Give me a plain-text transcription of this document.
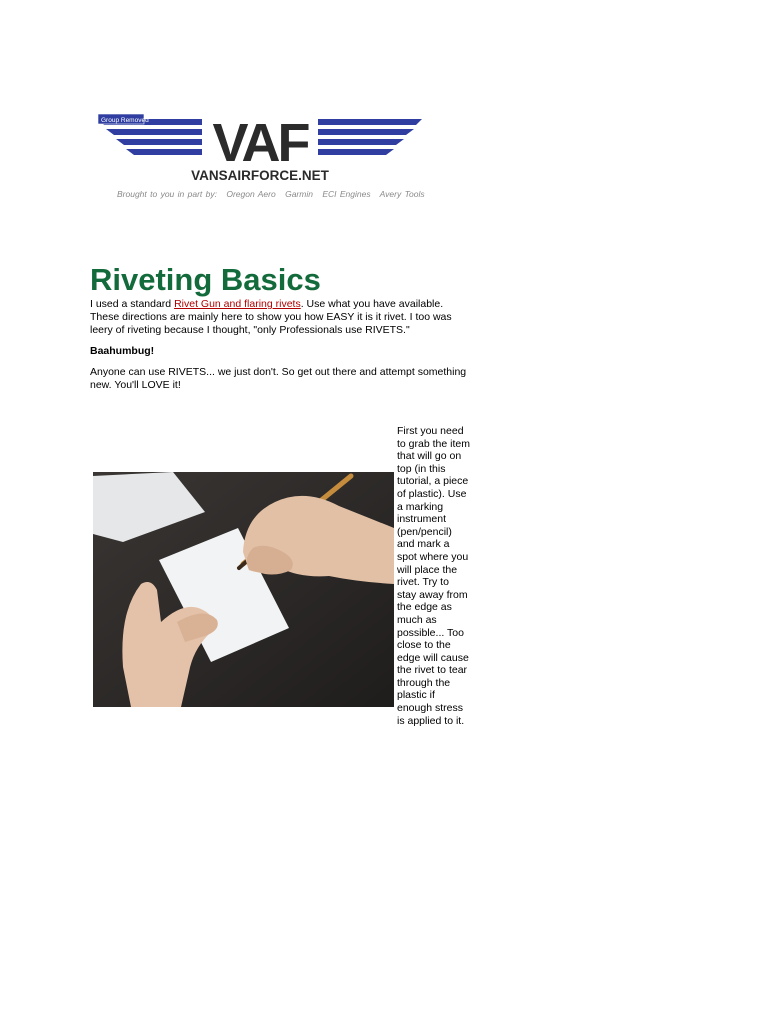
Group Removed VAF
VANSAIRFORCE.NET
Brought to you in part by: Oregon Aero Garmin ECI Engines Avery Tools
Riveting Basics

I used a standard Rivet Gun and flaring rivets. Use what you have available. These directions are mainly here to show you how EASY it is it rivet. I too was leery of riveting because I thought, "only Professionals use RIVETS."

Baahumbug!

Anyone can use RIVETS... we just don't. So get out there and attempt something new. You'll LOVE it!

First you need to grab the item that will go on top (in this tutorial, a piece of plastic). Use a marking instrument (pen/pencil) and mark a spot where you will place the rivet. Try to stay away from the edge as much as possible... Too close to the edge will cause the rivet to tear through the plastic if enough stress is applied to it.
